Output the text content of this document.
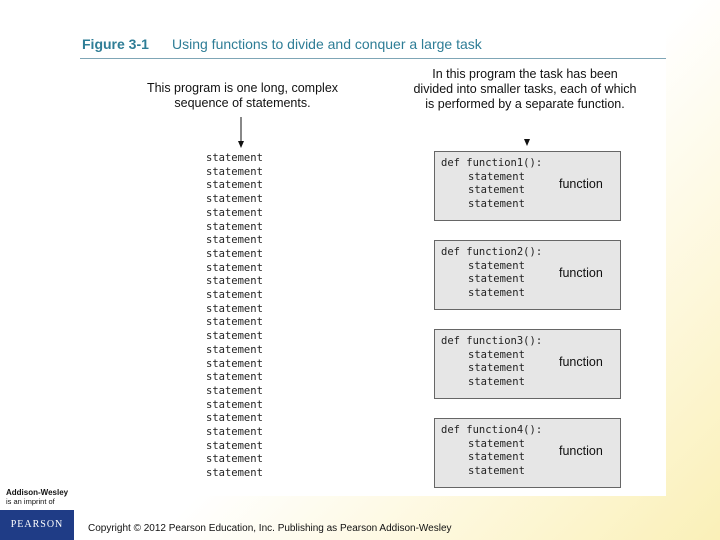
Figure 3-1 Using functions to divide and conquer a large task
This program is one long, complex
sequence of statements.
In this program the task has been
divided into smaller tasks, each of which
is performed by a separate function.
statement
statement
statement
statement
statement
statement
statement
statement
statement
statement
statement
statement
statement
statement
statement
statement
statement
statement
statement
statement
statement
statement
statement
statement
def function1():
statement
statement
statement
function
def function2():
statement
statement
statement
function
def function3():
statement
statement
statement
function
def function4():
statement
statement
statement
function
Addison-Wesley
is an imprint of
PEARSON	Copyright © 2012 Pearson Education, Inc. Publishing as Pearson Addison-Wesley
